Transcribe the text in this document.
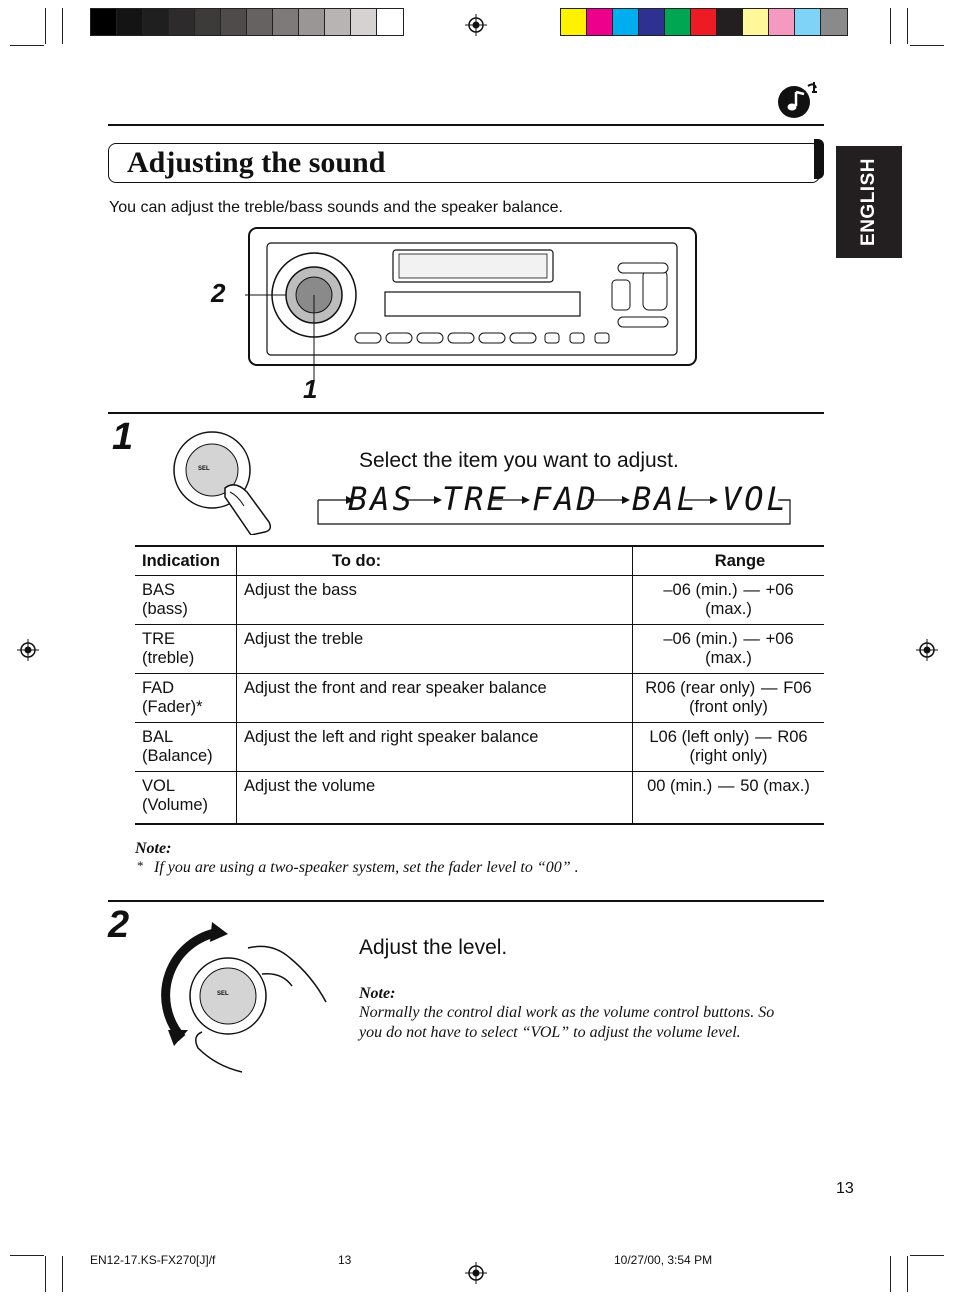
Adjusting the sound	ENGLISH
You can adjust the treble/bass sounds and the speaker balance.
2
1
1
SEL	Select the item you want to adjust.
BAS TRE FAD BAL VOL
Indication	To do:	Range

BAS
(bass)	Adjust the bass	–06 (min.) — +06 (max.)

TRE
(treble)	Adjust the treble	–06 (min.) — +06 (max.)

FAD
(Fader)*	Adjust the front and rear speaker balance	R06 (rear only) — F06 (front only)

BAL
(Balance)	Adjust the left and right speaker balance	L06 (left only) — R06 (right only)

VOL
(Volume)	Adjust the volume	00 (min.) — 50 (max.)
Note:
* If you are using a two-speaker system, set the fader level to “00” .
2
SEL
Adjust the level.
Note:
Normally the control dial work as the volume control buttons. So
you do not have to select “VOL” to adjust the volume level.
13
EN12-17.KS-FX270[J]/f	13	10/27/00, 3:54 PM
